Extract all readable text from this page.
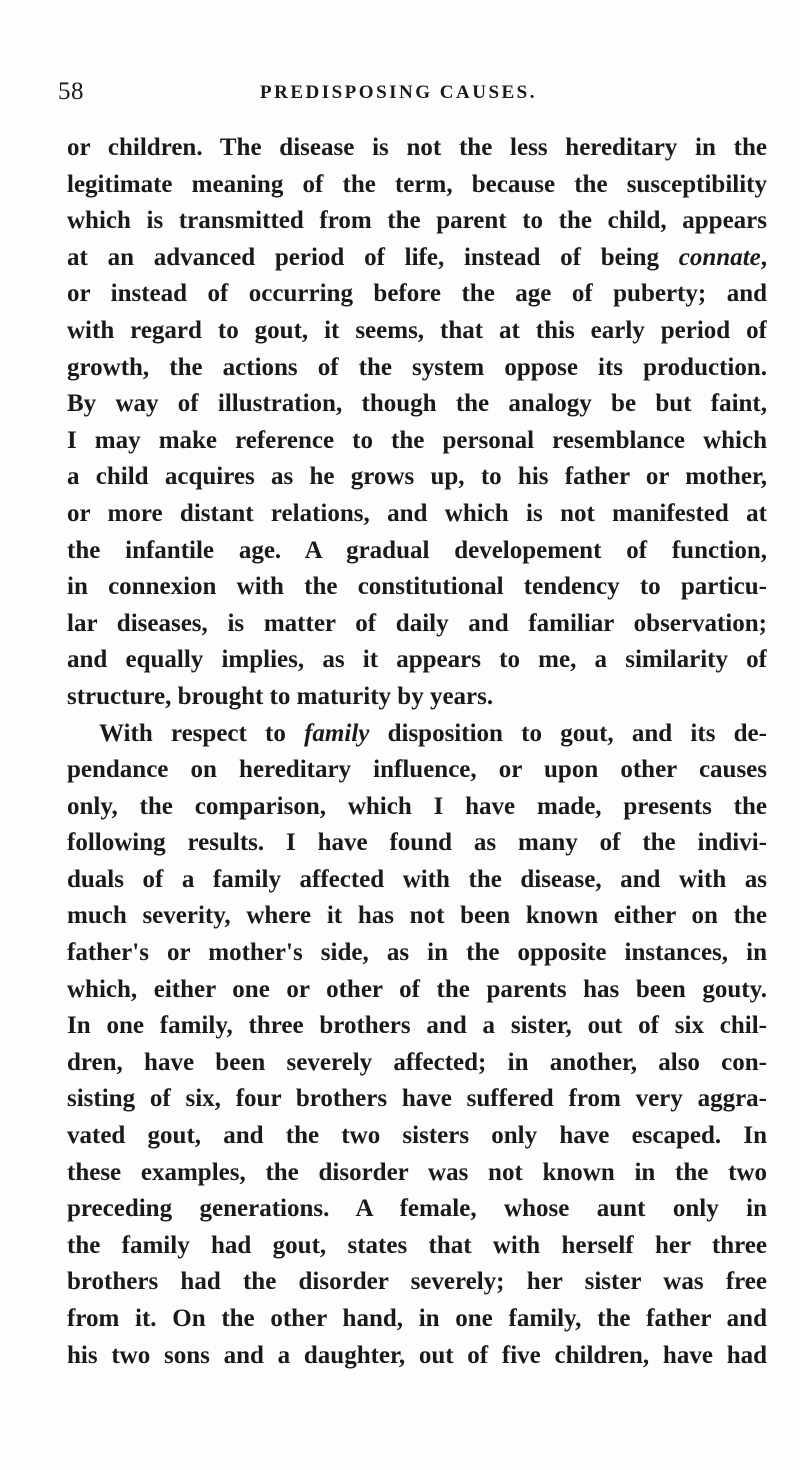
58	PREDISPOSING CAUSES.
or children. The disease is not the less hereditary in the
legitimate meaning of the term, because the susceptibility
which is transmitted from the parent to the child, appears
at an advanced period of life, instead of being connate,
or instead of occurring before the age of puberty; and
with regard to gout, it seems, that at this early period of
growth, the actions of the system oppose its production.
By way of illustration, though the analogy be but faint,
I may make reference to the personal resemblance which
a child acquires as he grows up, to his father or mother,
or more distant relations, and which is not manifested at
the infantile age. A gradual developement of function,
in connexion with the constitutional tendency to particu-
lar diseases, is matter of daily and familiar observation;
and equally implies, as it appears to me, a similarity of
structure, brought to maturity by years.
With respect to family disposition to gout, and its de-
pendance on hereditary influence, or upon other causes
only, the comparison, which I have made, presents the
following results. I have found as many of the indivi-
duals of a family affected with the disease, and with as
much severity, where it has not been known either on the
father's or mother's side, as in the opposite instances, in
which, either one or other of the parents has been gouty.
In one family, three brothers and a sister, out of six chil-
dren, have been severely affected; in another, also con-
sisting of six, four brothers have suffered from very aggra-
vated gout, and the two sisters only have escaped. In
these examples, the disorder was not known in the two
preceding generations. A female, whose aunt only in
the family had gout, states that with herself her three
brothers had the disorder severely; her sister was free
from it. On the other hand, in one family, the father and
his two sons and a daughter, out of five children, have had
